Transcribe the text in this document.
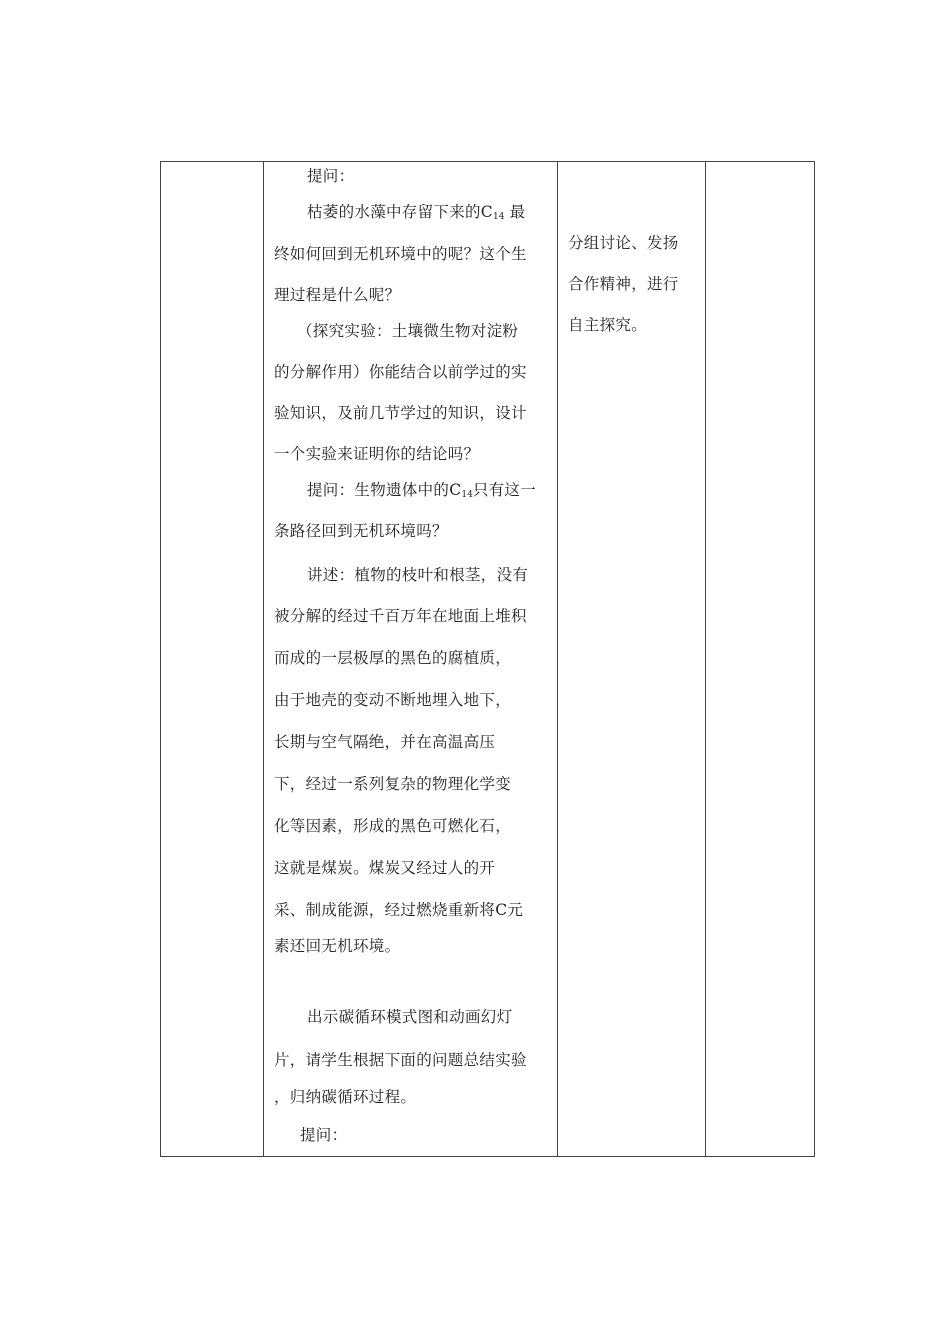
提问：
枯萎的水藻中存留下来的$C_{14}$ 最
终如何回到无机环境中的呢？这个生
理过程是什么呢？
（探究实验：土壤微生物对淀粉
的分解作用）你能结合以前学过的实
验知识，及前几节学过的知识，设计
一个实验来证明你的结论吗？
提问：生物遗体中的$C_{14}$只有这一
条路径回到无机环境吗？
讲述：植物的枝叶和根茎，没有
被分解的经过千百万年在地面上堆积
而成的一层极厚的黑色的腐植质，
由于地壳的变动不断地埋入地下，
长期与空气隔绝，并在高温高压
下，经过一系列复杂的物理化学变
化等因素，形成的黑色可燃化石，
这就是煤炭。煤炭又经过人的开
采、制成能源，经过燃烧重新将C元
素还回无机环境。
出示碳循环模式图和动画幻灯
片，请学生根据下面的问题总结实验
，归纳碳循环过程。
提问：
分组讨论、发扬
合作精神，进行
自主探究。
